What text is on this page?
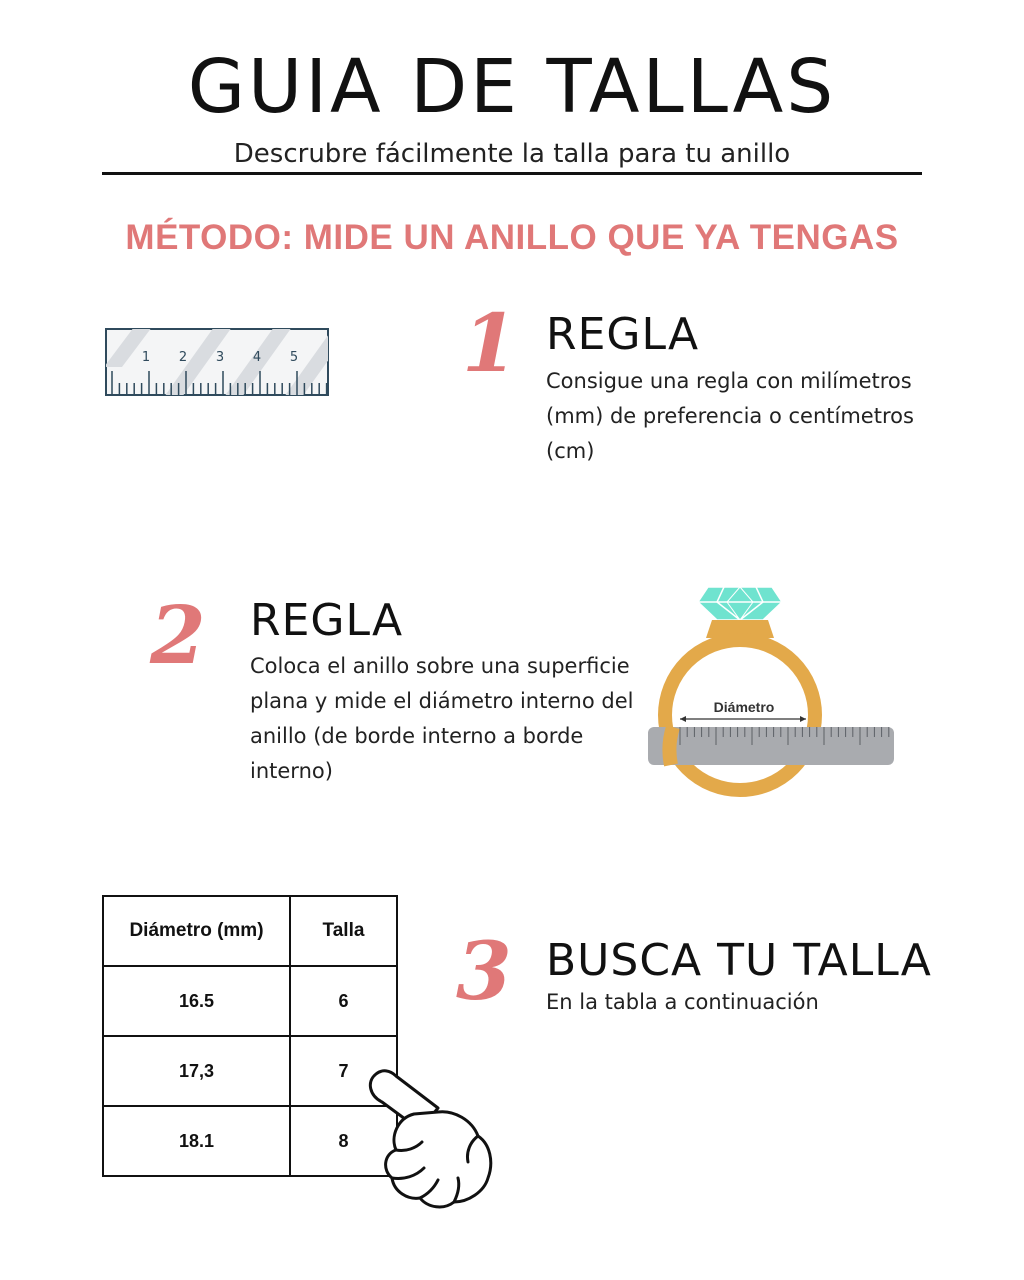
GUIA DE TALLAS
Descrubre fácilmente la talla para tu anillo
MÉTODO: MIDE UN ANILLO QUE YA TENGAS
1 2 3 4 5 1 REGLA
Consigue una regla con milímetros
(mm) de preferencia o centímetros
(cm)
2 REGLA
Coloca el anillo sobre una superficie
plana y mide el diámetro interno del
anillo (de borde interno a borde
interno)
Diámetro
3 BUSCA TU TALLA
En la tabla a continuación
Diámetro (mm)	Talla
16.5	6
17,3	7
18.1	8
